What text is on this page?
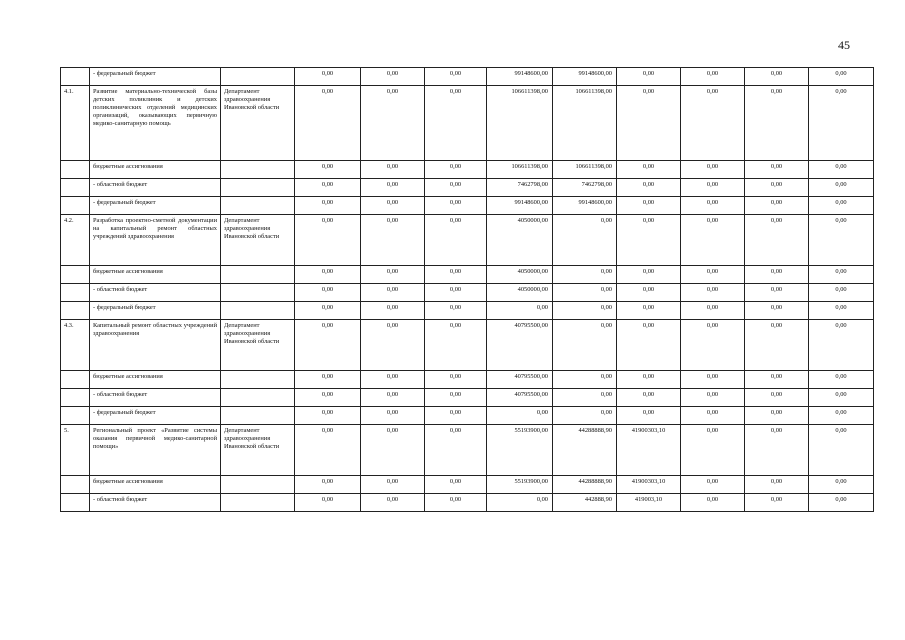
45
	- федеральный бюджет		0,00	0,00	0,00	99148600,00	99148600,00	0,00	0,00	0,00	0,00
4.1.	Развитие материально-технической базы детских поликлиник и детских поликлинических отделений медицинских организаций, оказывающих первичную медико-санитарную помощь	Департамент здравоохранения Ивановской области	0,00	0,00	0,00	106611398,00	106611398,00	0,00	0,00	0,00	0,00
	бюджетные ассигнования		0,00	0,00	0,00	106611398,00	106611398,00	0,00	0,00	0,00	0,00
	- областной бюджет		0,00	0,00	0,00	7462798,00	7462798,00	0,00	0,00	0,00	0,00
	- федеральный бюджет		0,00	0,00	0,00	99148600,00	99148600,00	0,00	0,00	0,00	0,00
4.2.	Разработка проектно-сметной документации на капитальный ремонт областных учреждений здравоохранения	Департамент здравоохранения Ивановской области	0,00	0,00	0,00	4050000,00	0,00	0,00	0,00	0,00	0,00
	бюджетные ассигнования		0,00	0,00	0,00	4050000,00	0,00	0,00	0,00	0,00	0,00
	- областной бюджет		0,00	0,00	0,00	4050000,00	0,00	0,00	0,00	0,00	0,00
	- федеральный бюджет		0,00	0,00	0,00	0,00	0,00	0,00	0,00	0,00	0,00
4.3.	Капитальный ремонт областных учреждений здравоохранения	Департамент здравоохранения Ивановской области	0,00	0,00	0,00	40795500,00	0,00	0,00	0,00	0,00	0,00
	бюджетные ассигнования		0,00	0,00	0,00	40795500,00	0,00	0,00	0,00	0,00	0,00
	- областной бюджет		0,00	0,00	0,00	40795500,00	0,00	0,00	0,00	0,00	0,00
	- федеральный бюджет		0,00	0,00	0,00	0,00	0,00	0,00	0,00	0,00	0,00
5.	Региональный проект «Развитие системы оказания первичной медико-санитарной помощи»	Департамент здравоохранения Ивановской области	0,00	0,00	0,00	55193900,00	44288888,90	41900303,10	0,00	0,00	0,00
	бюджетные ассигнования		0,00	0,00	0,00	55193900,00	44288888,90	41900303,10	0,00	0,00	0,00
	- областной бюджет		0,00	0,00	0,00	0,00	442888,90	419003,10	0,00	0,00	0,00
